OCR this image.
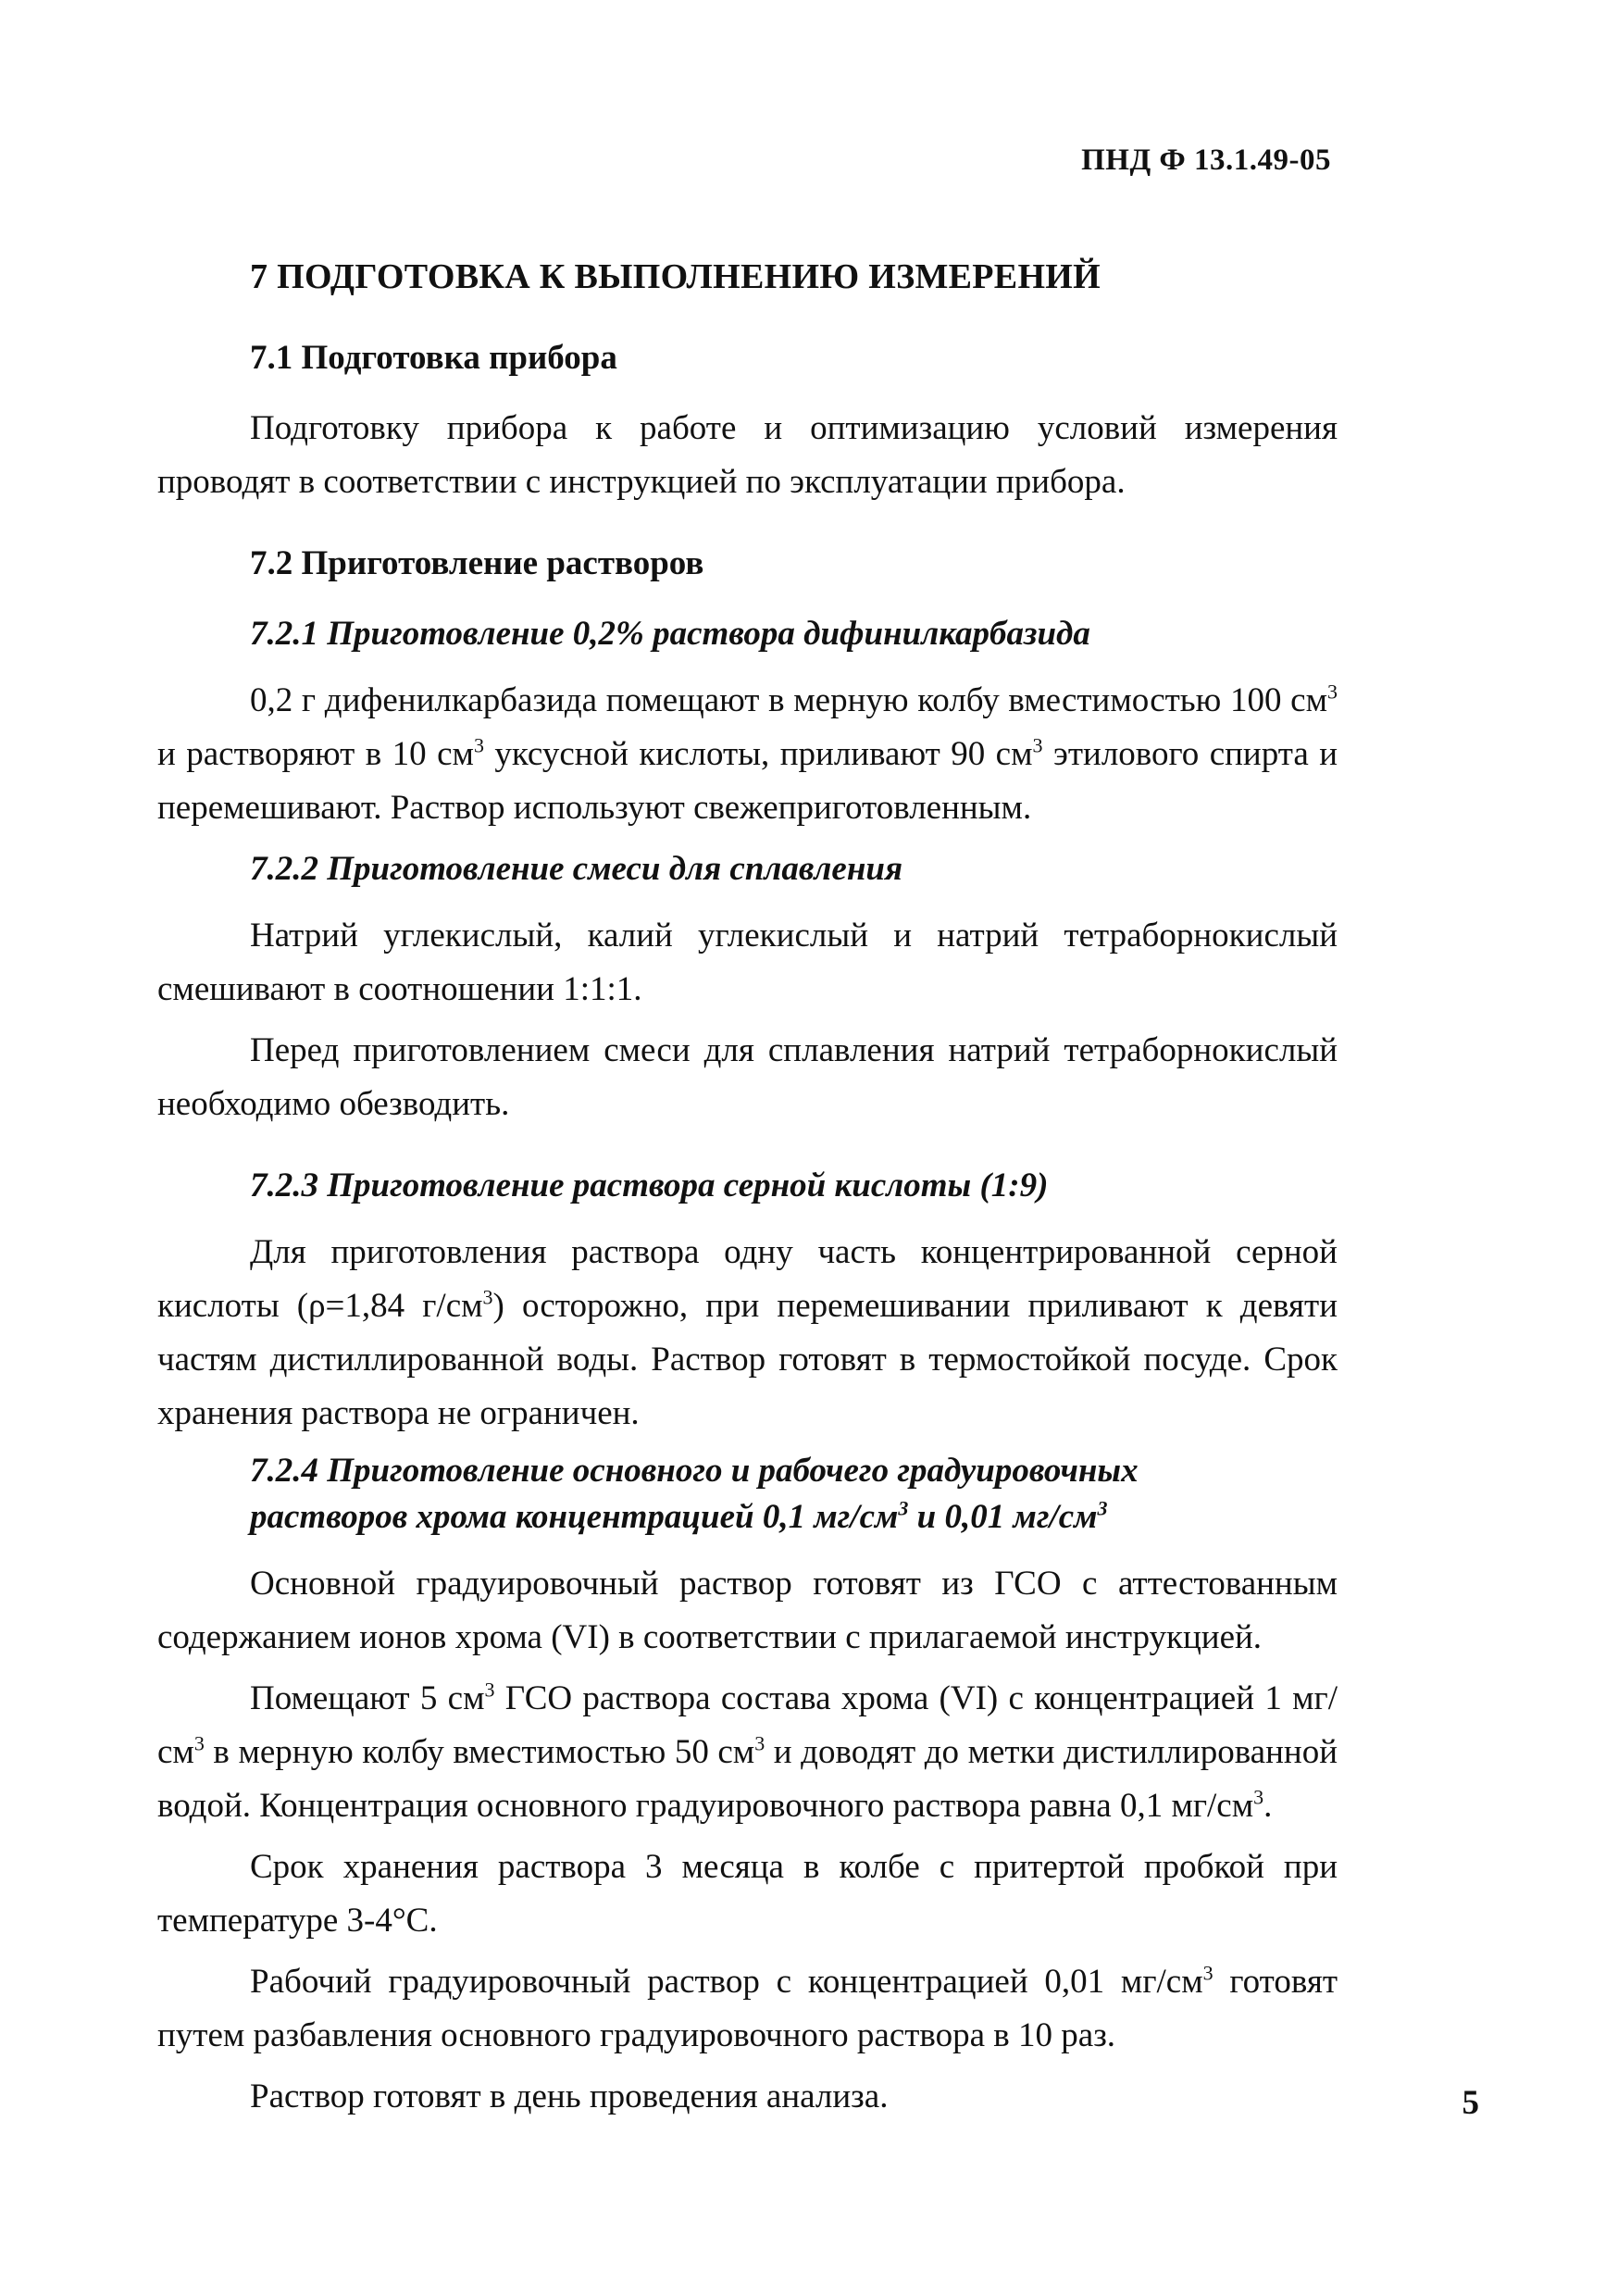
ПНД Ф 13.1.49-05
7 ПОДГОТОВКА К ВЫПОЛНЕНИЮ ИЗМЕРЕНИЙ
7.1 Подготовка прибора

Подготовку прибора к работе и оптимизацию условий измерения проводят в соответствии с инструкцией по эксплуатации прибора.

7.2 Приготовление растворов
7.2.1 Приготовление 0,2% раствора дифинилкарбазида

0,2 г дифенилкарбазида помещают в мерную колбу вместимостью 100 $см^3$ и растворяют в 10 $см^3$ уксусной кислоты, приливают 90 $см^3$ этилового спирта и перемешивают. Раствор используют свежеприготовленным.

7.2.2 Приготовление смеси для сплавления

Натрий углекислый, калий углекислый и натрий тетраборнокислый смешивают в соотношении 1:1:1.

Перед приготовлением смеси для сплавления натрий тетраборнокислый необходимо обезводить.

7.2.3 Приготовление раствора серной кислоты (1:9)

Для приготовления раствора одну часть концентрированной серной кислоты (ρ=1,84 $г/см^3$) осторожно, при перемешивании приливают к девяти частям дистиллированной воды. Раствор готовят в термостойкой посуде. Срок хранения раствора не ограничен.

7.2.4 Приготовление основного и рабочего градуировочных
растворов хрома концентрацией 0,1 $мг/см^3$ и 0,01 $мг/см^3$

Основной градуировочный раствор готовят из ГСО с аттестованным содержанием ионов хрома (VI) в соответствии с прилагаемой инструкцией.

Помещают 5 $см^3$ ГСО раствора состава хрома (VI) с концентрацией 1 $мг/см^3$ в мерную колбу вместимостью 50 $см^3$ и доводят до метки дистиллированной водой. Концентрация основного градуировочного раствора равна 0,1 $мг/см^3$.

Срок хранения раствора 3 месяца в колбе с притертой пробкой при температуре 3-4°С.

Рабочий градуировочный раствор с концентрацией 0,01 $мг/см^3$ готовят путем разбавления основного градуировочного раствора в 10 раз.

Раствор готовят в день проведения анализа.	5
